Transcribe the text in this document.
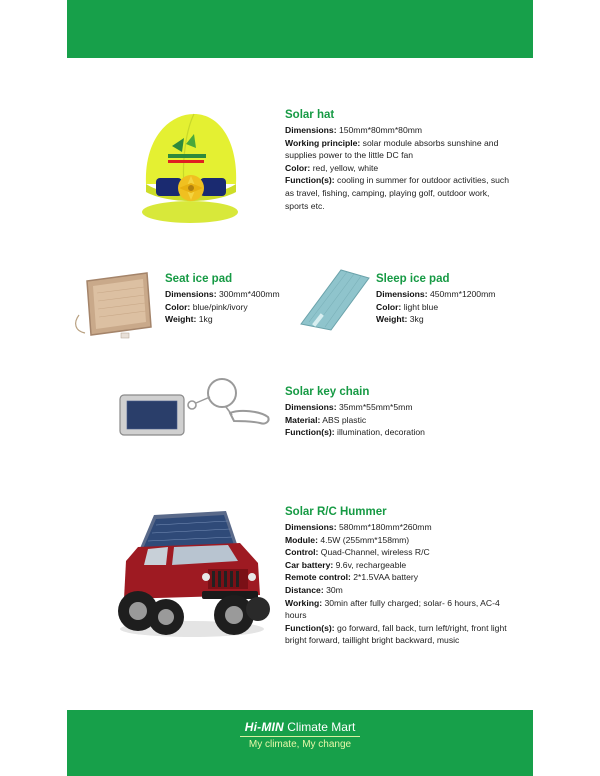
Solar hat
Dimensions: 150mm*80mm*80mm
Working principle: solar module absorbs sunshine and supplies power to the little DC fan
Color: red, yellow, white
Function(s): cooling in summer for outdoor activities, such as travel, fishing, camping, playing golf, outdoor work, sports etc.
Seat ice pad
Dimensions: 300mm*400mm
Color: blue/pink/ivory
Weight: 1kg
Sleep ice pad
Dimensions: 450mm*1200mm
Color: light blue
Weight: 3kg
Solar key chain
Dimensions: 35mm*55mm*5mm
Material: ABS plastic
Function(s): illumination, decoration
Solar R/C Hummer
Dimensions: 580mm*180mm*260mm
Module: 4.5W (255mm*158mm)
Control: Quad-Channel, wireless R/C
Car battery: 9.6v, rechargeable
Remote control: 2*1.5VAA battery
Distance: 30m
Working: 30min after fully charged; solar- 6 hours, AC-4 hours
Function(s): go forward, fall back, turn left/right, front light bright forward, taillight bright backward, music
Hi-MIN Climate Mart
My climate, My change
